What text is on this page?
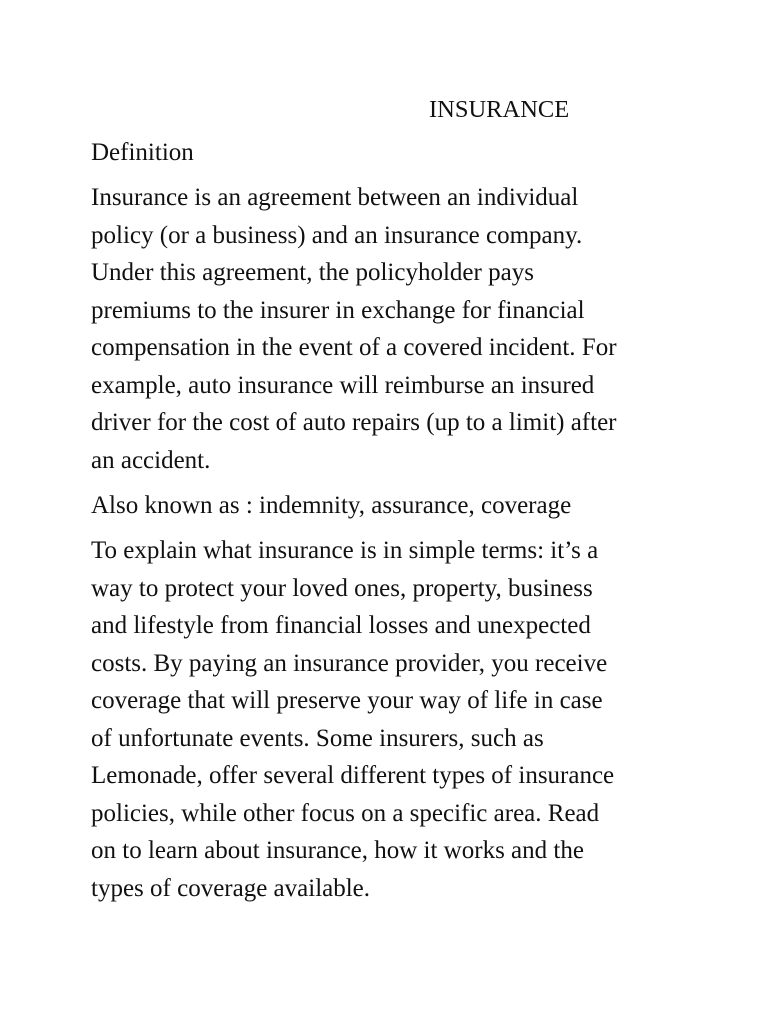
INSURANCE

Definition

Insurance is an agreement between an individual
policy (or a business) and an insurance company.
Under this agreement, the policyholder pays
premiums to the insurer in exchange for financial
compensation in the event of a covered incident. For
example, auto insurance will reimburse an insured
driver for the cost of auto repairs (up to a limit) after
an accident.

Also known as : indemnity, assurance, coverage

To explain what insurance is in simple terms: it’s a
way to protect your loved ones, property, business
and lifestyle from financial losses and unexpected
costs. By paying an insurance provider, you receive
coverage that will preserve your way of life in case
of unfortunate events. Some insurers, such as
Lemonade, offer several different types of insurance
policies, while other focus on a specific area. Read
on to learn about insurance, how it works and the
types of coverage available.
